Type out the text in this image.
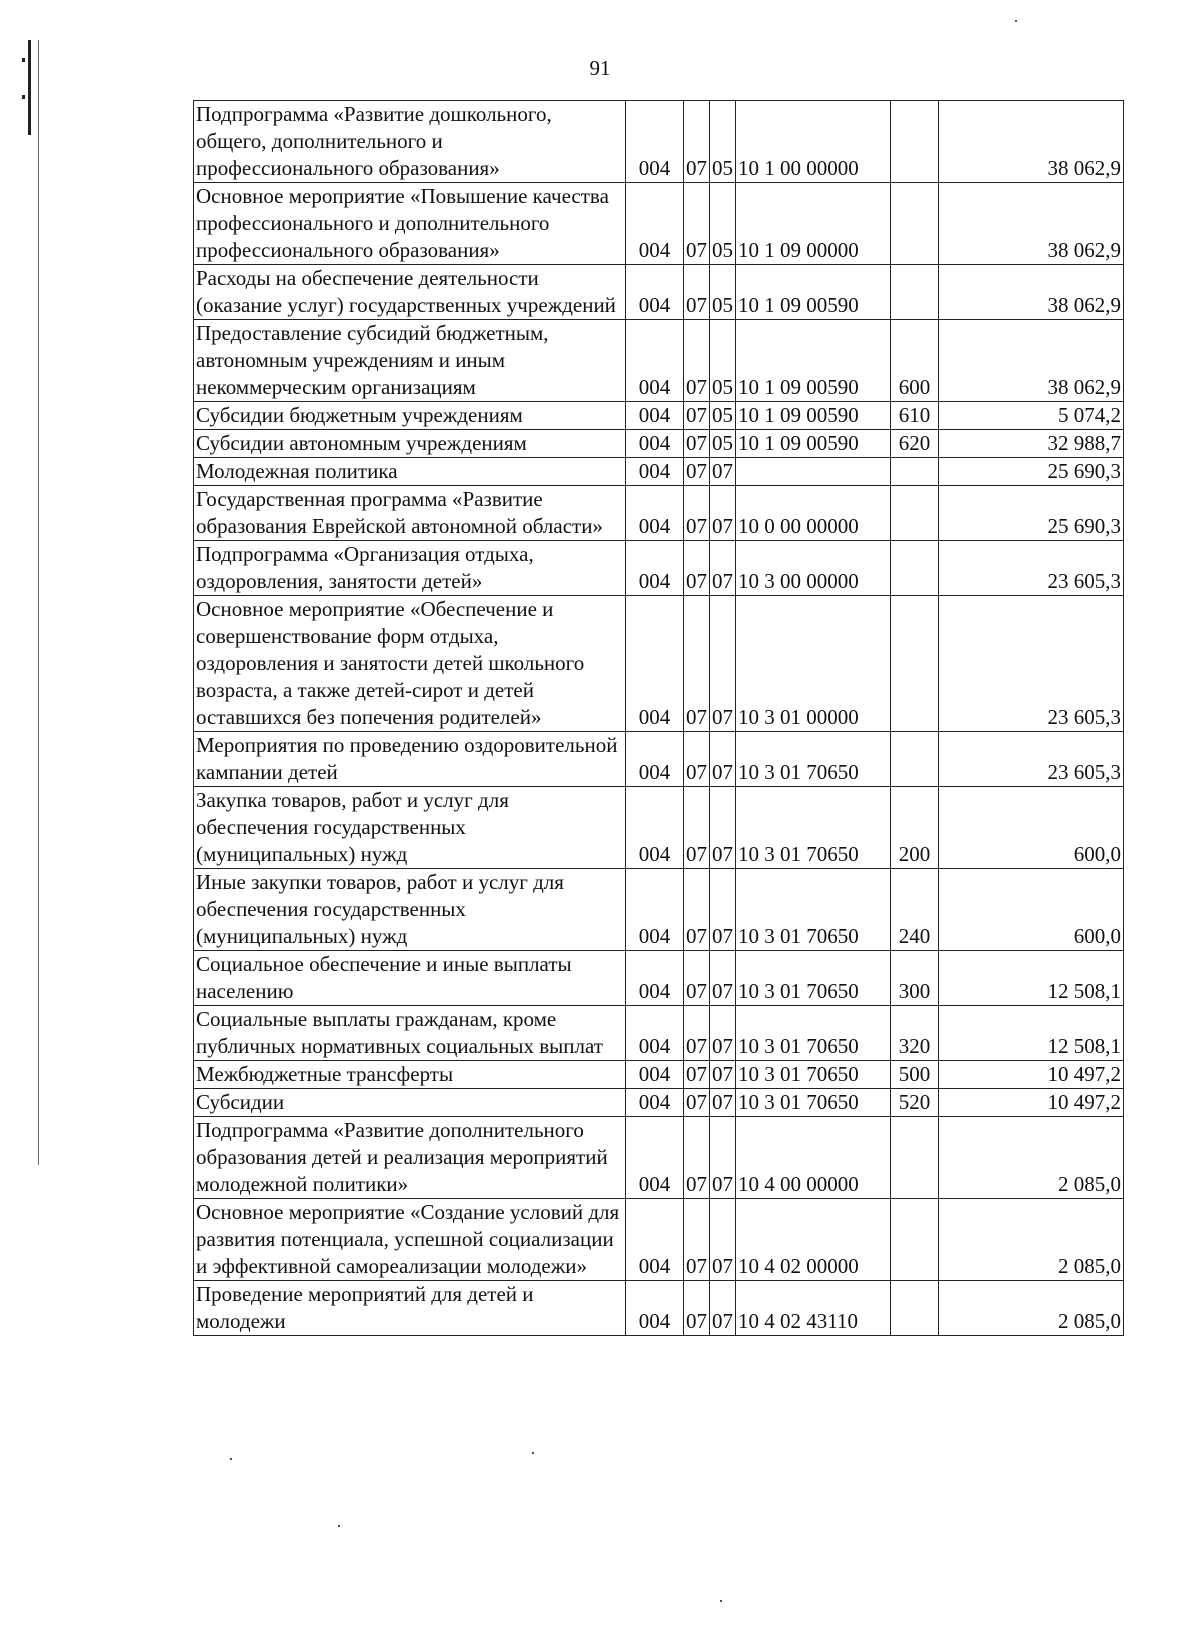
91
Подпрограмма «Развитие дошкольного, общего, дополнительного и профессионального образования»	004	07	05	10 1 00 00000		38 062,9
Основное мероприятие «Повышение качества профессионального и дополнительного профессионального образования»	004	07	05	10 1 09 00000		38 062,9
Расходы на обеспечение деятельности (оказание услуг) государственных учреждений	004	07	05	10 1 09 00590		38 062,9
Предоставление субсидий бюджетным, автономным учреждениям и иным некоммерческим организациям	004	07	05	10 1 09 00590	600	38 062,9
Субсидии бюджетным учреждениям	004	07	05	10 1 09 00590	610	5 074,2
Субсидии автономным учреждениям	004	07	05	10 1 09 00590	620	32 988,7
Молодежная политика	004	07	07			25 690,3
Государственная программа «Развитие образования Еврейской автономной области»	004	07	07	10 0 00 00000		25 690,3
Подпрограмма «Организация отдыха, оздоровления, занятости детей»	004	07	07	10 3 00 00000		23 605,3
Основное мероприятие «Обеспечение и совершенствование форм отдыха, оздоровления и занятости детей школьного возраста, а также детей-сирот и детей оставшихся без попечения родителей»	004	07	07	10 3 01 00000		23 605,3
Мероприятия по проведению оздоровительной кампании детей	004	07	07	10 3 01 70650		23 605,3
Закупка товаров, работ и услуг для обеспечения государственных (муниципальных) нужд	004	07	07	10 3 01 70650	200	600,0
Иные закупки товаров, работ и услуг для обеспечения государственных (муниципальных) нужд	004	07	07	10 3 01 70650	240	600,0
Социальное обеспечение и иные выплаты населению	004	07	07	10 3 01 70650	300	12 508,1
Социальные выплаты гражданам, кроме публичных нормативных социальных выплат	004	07	07	10 3 01 70650	320	12 508,1
Межбюджетные трансферты	004	07	07	10 3 01 70650	500	10 497,2
Субсидии	004	07	07	10 3 01 70650	520	10 497,2
Подпрограмма «Развитие дополнительного образования детей и реализация мероприятий молодежной политики»	004	07	07	10 4 00 00000		2 085,0
Основное мероприятие «Создание условий для развития потенциала, успешной социализации и эффективной самореализации молодежи»	004	07	07	10 4 02 00000		2 085,0
Проведение мероприятий для детей и молодежи	004	07	07	10 4 02 43110		2 085,0
